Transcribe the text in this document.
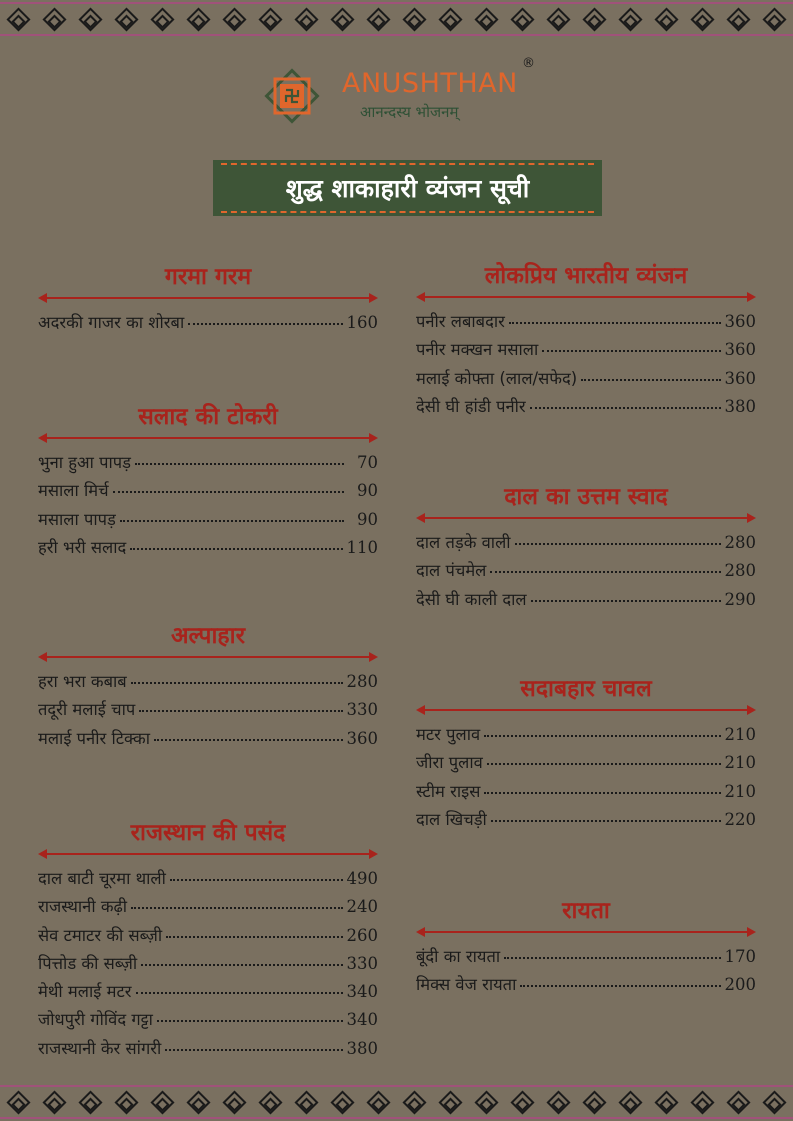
ANUSHTHAN
®
आनन्दस्य भोजनम्
शुद्ध शाकाहारी व्यंजन सूची
गरमा गरम
अदरकी गाजर का शोरबा	160
सलाद की टोकरी
भुना हुआ पापड़	70
मसाला मिर्च	90
मसाला पापड़	90
हरी भरी सलाद	110
अल्पाहार
हरा भरा कबाब	280
तदूरी मलाई चाप	330
मलाई पनीर टिक्का	360
राजस्थान की पसंद
दाल बाटी चूरमा थाली	490
राजस्थानी कढ़ी	240
सेव टमाटर की सब्ज़ी	260
पित्तोड की सब्ज़ी	330
मेथी मलाई मटर	340
जोधपुरी गोविंद गट्टा	340
राजस्थानी केर सांगरी	380
लोकप्रिय भारतीय व्यंजन
पनीर लबाबदार	360
पनीर मक्खन मसाला	360
मलाई कोफ्ता (लाल/सफेद)	360
देसी घी हांडी पनीर	380
दाल का उत्तम स्वाद
दाल तड़के वाली	280
दाल पंचमेल	280
देसी घी काली दाल	290
सदाबहार चावल
मटर पुलाव	210
जीरा पुलाव	210
स्टीम राइस	210
दाल खिचड़ी	220
रायता
बूंदी का रायता	170
मिक्स वेज रायता	200
